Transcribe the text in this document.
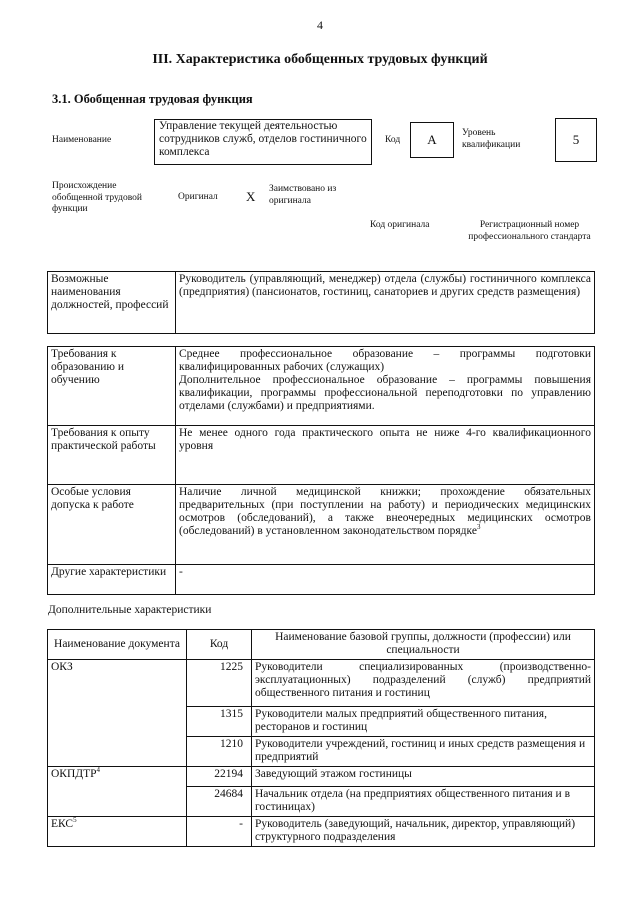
4
III. Характеристика обобщенных трудовых функций
3.1. Обобщенная трудовая функция
Наименование
Управление текущей деятельностью сотрудников служб, отделов гостиничного комплекса
Код A	Уровень квалификации	5
Происхождение обобщенной трудовой функции
Оригинал X Заимствовано из оригинала
Код оригинала	Регистрационный номер профессионального стандарта
Возможные наименования должностей, профессий	Руководитель (управляющий, менеджер) отдела (службы) гостиничного комплекса (предприятия) (пансионатов, гостиниц, санаториев и других средств размещения)
Требования к образованию и обучению	Среднее профессиональное образование – программы подготовки квалифицированных рабочих (служащих)
Дополнительное профессиональное образование – программы повышения квалификации, программы профессиональной переподготовки по управлению отделами (службами) и предприятиями.

Требования к опыту практической работы	Не менее одного года практического опыта не ниже 4-го квалификационного уровня
Особые условия допуска к работе	Наличие личной медицинской книжки; прохождение обязательных предварительных (при поступлении на работу) и периодических медицинских осмотров (обследований), а также внеочередных медицинских осмотров (обследований) в установленном законодательством порядке$^3$
Другие характеристики	-
Дополнительные характеристики
Наименование документа	Код	Наименование базовой группы, должности (профессии) или специальности
ОКЗ	1225	Руководители специализированных (производственно-эксплуатационных) подразделений (служб) предприятий общественного питания и гостиниц
	1315	Руководители малых предприятий общественного питания, ресторанов и гостиниц
	1210	Руководители учреждений, гостиниц и иных средств размещения и предприятий
ОКПДТР$^4$	22194	Заведующий этажом гостиницы
	24684	Начальник отдела (на предприятиях общественного питания и в гостиницах)
ЕКС$^5$	-	Руководитель (заведующий, начальник, директор, управляющий) структурного подразделения
